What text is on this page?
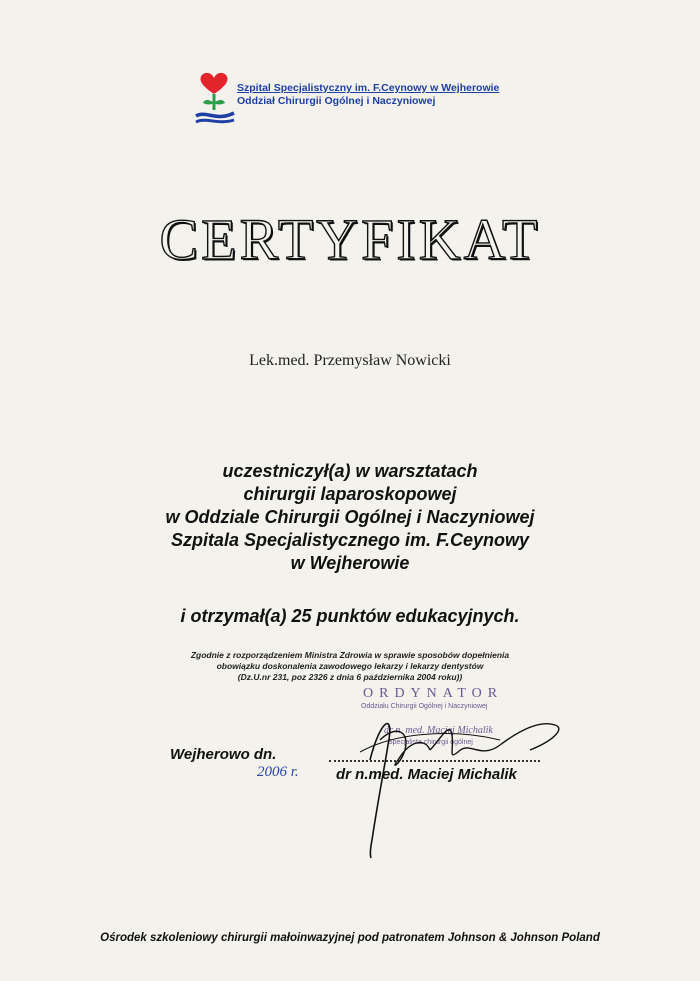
Szpital Specjalistyczny im. F.Ceynowy w Wejherowie
Oddział Chirurgii Ogólnej i Naczyniowej
CERTYFIKAT
Lek.med. Przemysław Nowicki
uczestniczył(a) w warsztatach
chirurgii laparoskopowej
w Oddziale Chirurgii Ogólnej i Naczyniowej
Szpitala Specjalistycznego im. F.Ceynowy
w Wejherowie
i otrzymał(a) 25 punktów edukacyjnych.
Zgodnie z rozporządzeniem Ministra Zdrowia w sprawie sposobów dopełnienia
obowiązku doskonalenia zawodowego lekarzy i lekarzy dentystów
(Dz.U.nr 231, poz 2326 z dnia 6 października 2004 roku))
ORDYNATOR
Oddziału Chirurgii Ogólnej i Naczyniowej
dr n. med. Maciej Michalik
Specjalista chirurgii ogólnej
Wejherowo dn.
2006 r. dr n.med. Maciej Michalik
Ośrodek szkoleniowy chirurgii małoinwazyjnej pod patronatem Johnson & Johnson Poland
